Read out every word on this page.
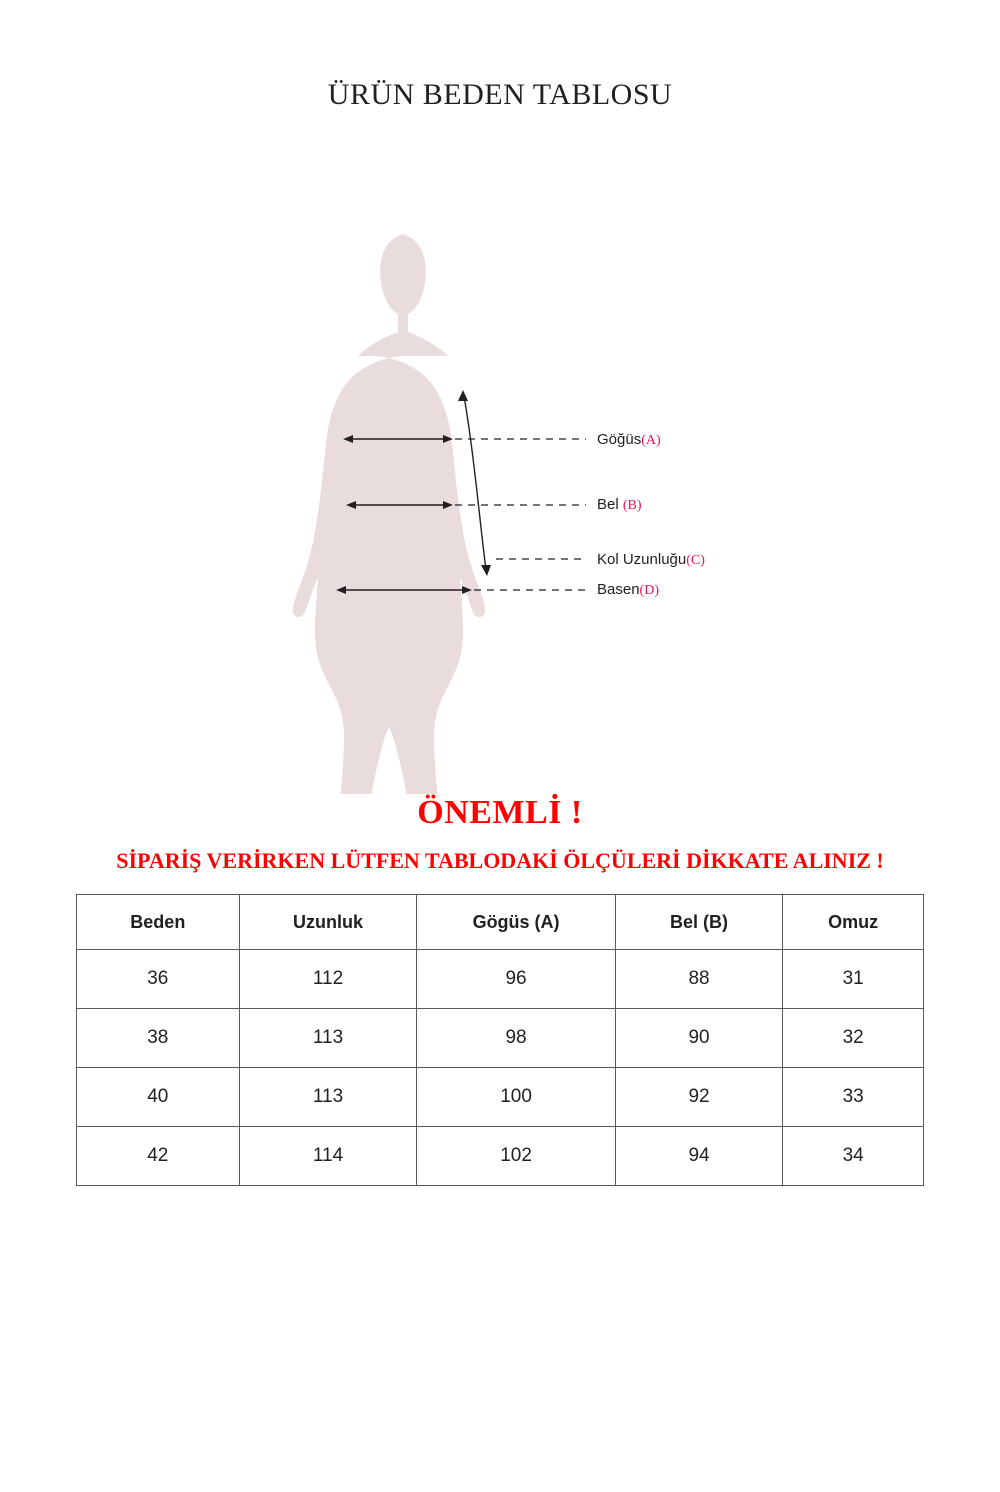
ÜRÜN BEDEN TABLOSU
Göğüs(A)
Bel (B)
Kol Uzunluğu(C)
Basen(D)

ÖNEMLİ !

SİPARİŞ VERİRKEN LÜTFEN TABLODAKİ ÖLÇÜLERİ DİKKATE ALINIZ !

Beden	Uzunluk	Gögüs (A)	Bel (B)	Omuz
36	112	96	88	31
38	113	98	90	32
40	113	100	92	33
42	114	102	94	34
